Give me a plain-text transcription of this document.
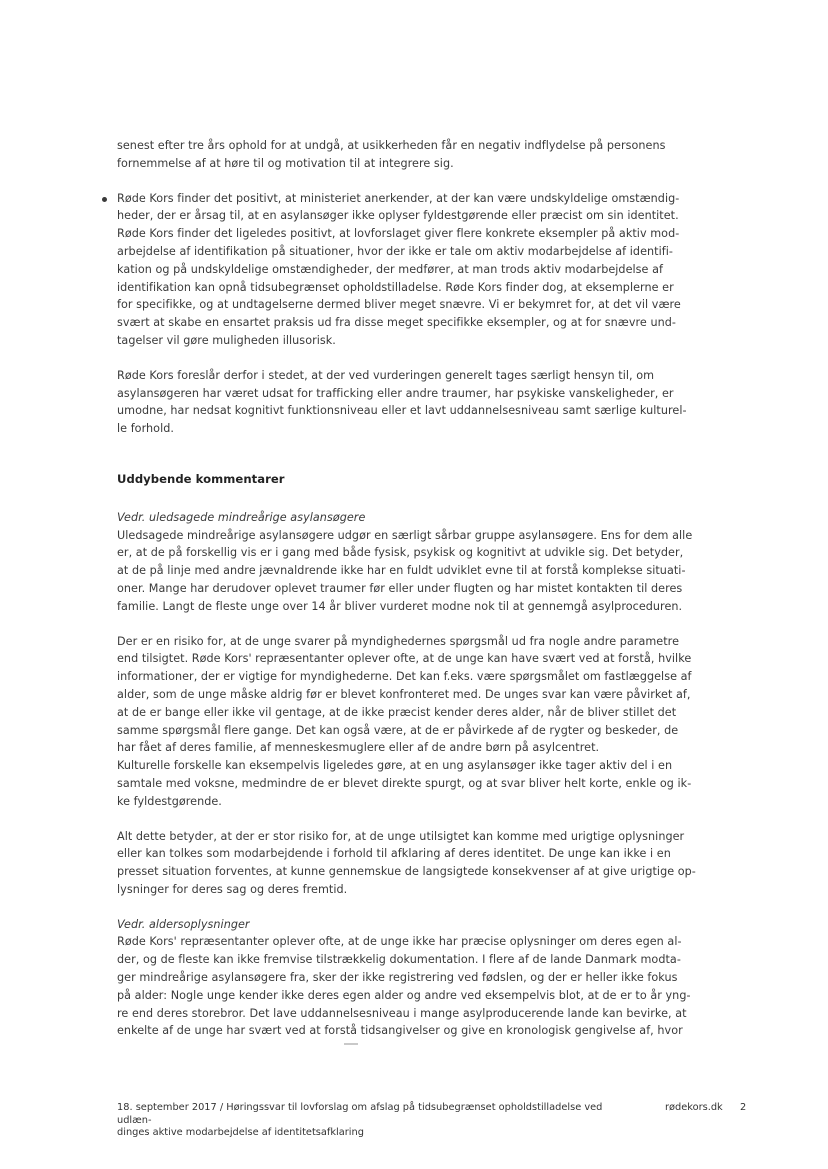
senest efter tre års ophold for at undgå, at usikkerheden får en negativ indflydelse på personens

fornemmelse af at høre til og motivation til at integrere sig.

Røde Kors finder det positivt, at ministeriet anerkender, at der kan være undskyldelige omstændig-

heder, der er årsag til, at en asylansøger ikke oplyser fyldestgørende eller præcist om sin identitet.

Røde Kors finder det ligeledes positivt, at lovforslaget giver flere konkrete eksempler på aktiv mod-

arbejdelse af identifikation på situationer, hvor der ikke er tale om aktiv modarbejdelse af identifi-

kation og på undskyldelige omstændigheder, der medfører, at man trods aktiv modarbejdelse af

identifikation kan opnå tidsubegrænset opholdstilladelse. Røde Kors finder dog, at eksemplerne er

for specifikke, og at undtagelserne dermed bliver meget snævre. Vi er bekymret for, at det vil være

svært at skabe en ensartet praksis ud fra disse meget specifikke eksempler, og at for snævre und-

tagelser vil gøre muligheden illusorisk.

Røde Kors foreslår derfor i stedet, at der ved vurderingen generelt tages særligt hensyn til, om

asylansøgeren har været udsat for trafficking eller andre traumer, har psykiske vanskeligheder, er

umodne, har nedsat kognitivt funktionsniveau eller et lavt uddannelsesniveau samt særlige kulturel-

le forhold.

Uddybende kommentarer

Vedr. uledsagede mindreårige asylansøgere

Uledsagede mindreårige asylansøgere udgør en særligt sårbar gruppe asylansøgere. Ens for dem alle

er, at de på forskellig vis er i gang med både fysisk, psykisk og kognitivt at udvikle sig. Det betyder,

at de på linje med andre jævnaldrende ikke har en fuldt udviklet evne til at forstå komplekse situati-

oner. Mange har derudover oplevet traumer før eller under flugten og har mistet kontakten til deres

familie. Langt de fleste unge over 14 år bliver vurderet modne nok til at gennemgå asylproceduren.

Der er en risiko for, at de unge svarer på myndighedernes spørgsmål ud fra nogle andre parametre

end tilsigtet. Røde Kors' repræsentanter oplever ofte, at de unge kan have svært ved at forstå, hvilke

informationer, der er vigtige for myndighederne. Det kan f.eks. være spørgsmålet om fastlæggelse af

alder, som de unge måske aldrig før er blevet konfronteret med. De unges svar kan være påvirket af,

at de er bange eller ikke vil gentage, at de ikke præcist kender deres alder, når de bliver stillet det

samme spørgsmål flere gange. Det kan også være, at de er påvirkede af de rygter og beskeder, de

har fået af deres familie, af menneskesmuglere eller af de andre børn på asylcentret.

Kulturelle forskelle kan eksempelvis ligeledes gøre, at en ung asylansøger ikke tager aktiv del i en

samtale med voksne, medmindre de er blevet direkte spurgt, og at svar bliver helt korte, enkle og ik-

ke fyldestgørende.

Alt dette betyder, at der er stor risiko for, at de unge utilsigtet kan komme med urigtige oplysninger

eller kan tolkes som modarbejdende i forhold til afklaring af deres identitet. De unge kan ikke i en

presset situation forventes, at kunne gennemskue de langsigtede konsekvenser af at give urigtige op-

lysninger for deres sag og deres fremtid.

Vedr. aldersoplysninger

Røde Kors' repræsentanter oplever ofte, at de unge ikke har præcise oplysninger om deres egen al-

der, og de fleste kan ikke fremvise tilstrækkelig dokumentation. I flere af de lande Danmark modta-

ger mindreårige asylansøgere fra, sker der ikke registrering ved fødslen, og der er heller ikke fokus

på alder: Nogle unge kender ikke deres egen alder og andre ved eksempelvis blot, at de er to år yng-

re end deres storebror. Det lave uddannelsesniveau i mange asylproducerende lande kan bevirke, at

enkelte af de unge har svært ved at forstå tidsangivelser og give en kronologisk gengivelse af, hvor

18. september 2017 / Høringssvar til lovforslag om afslag på tidsubegrænset opholdstilladelse ved udlæn-
dinges aktive modarbejdelse af identitetsafklaring
rødekors.dk 2
